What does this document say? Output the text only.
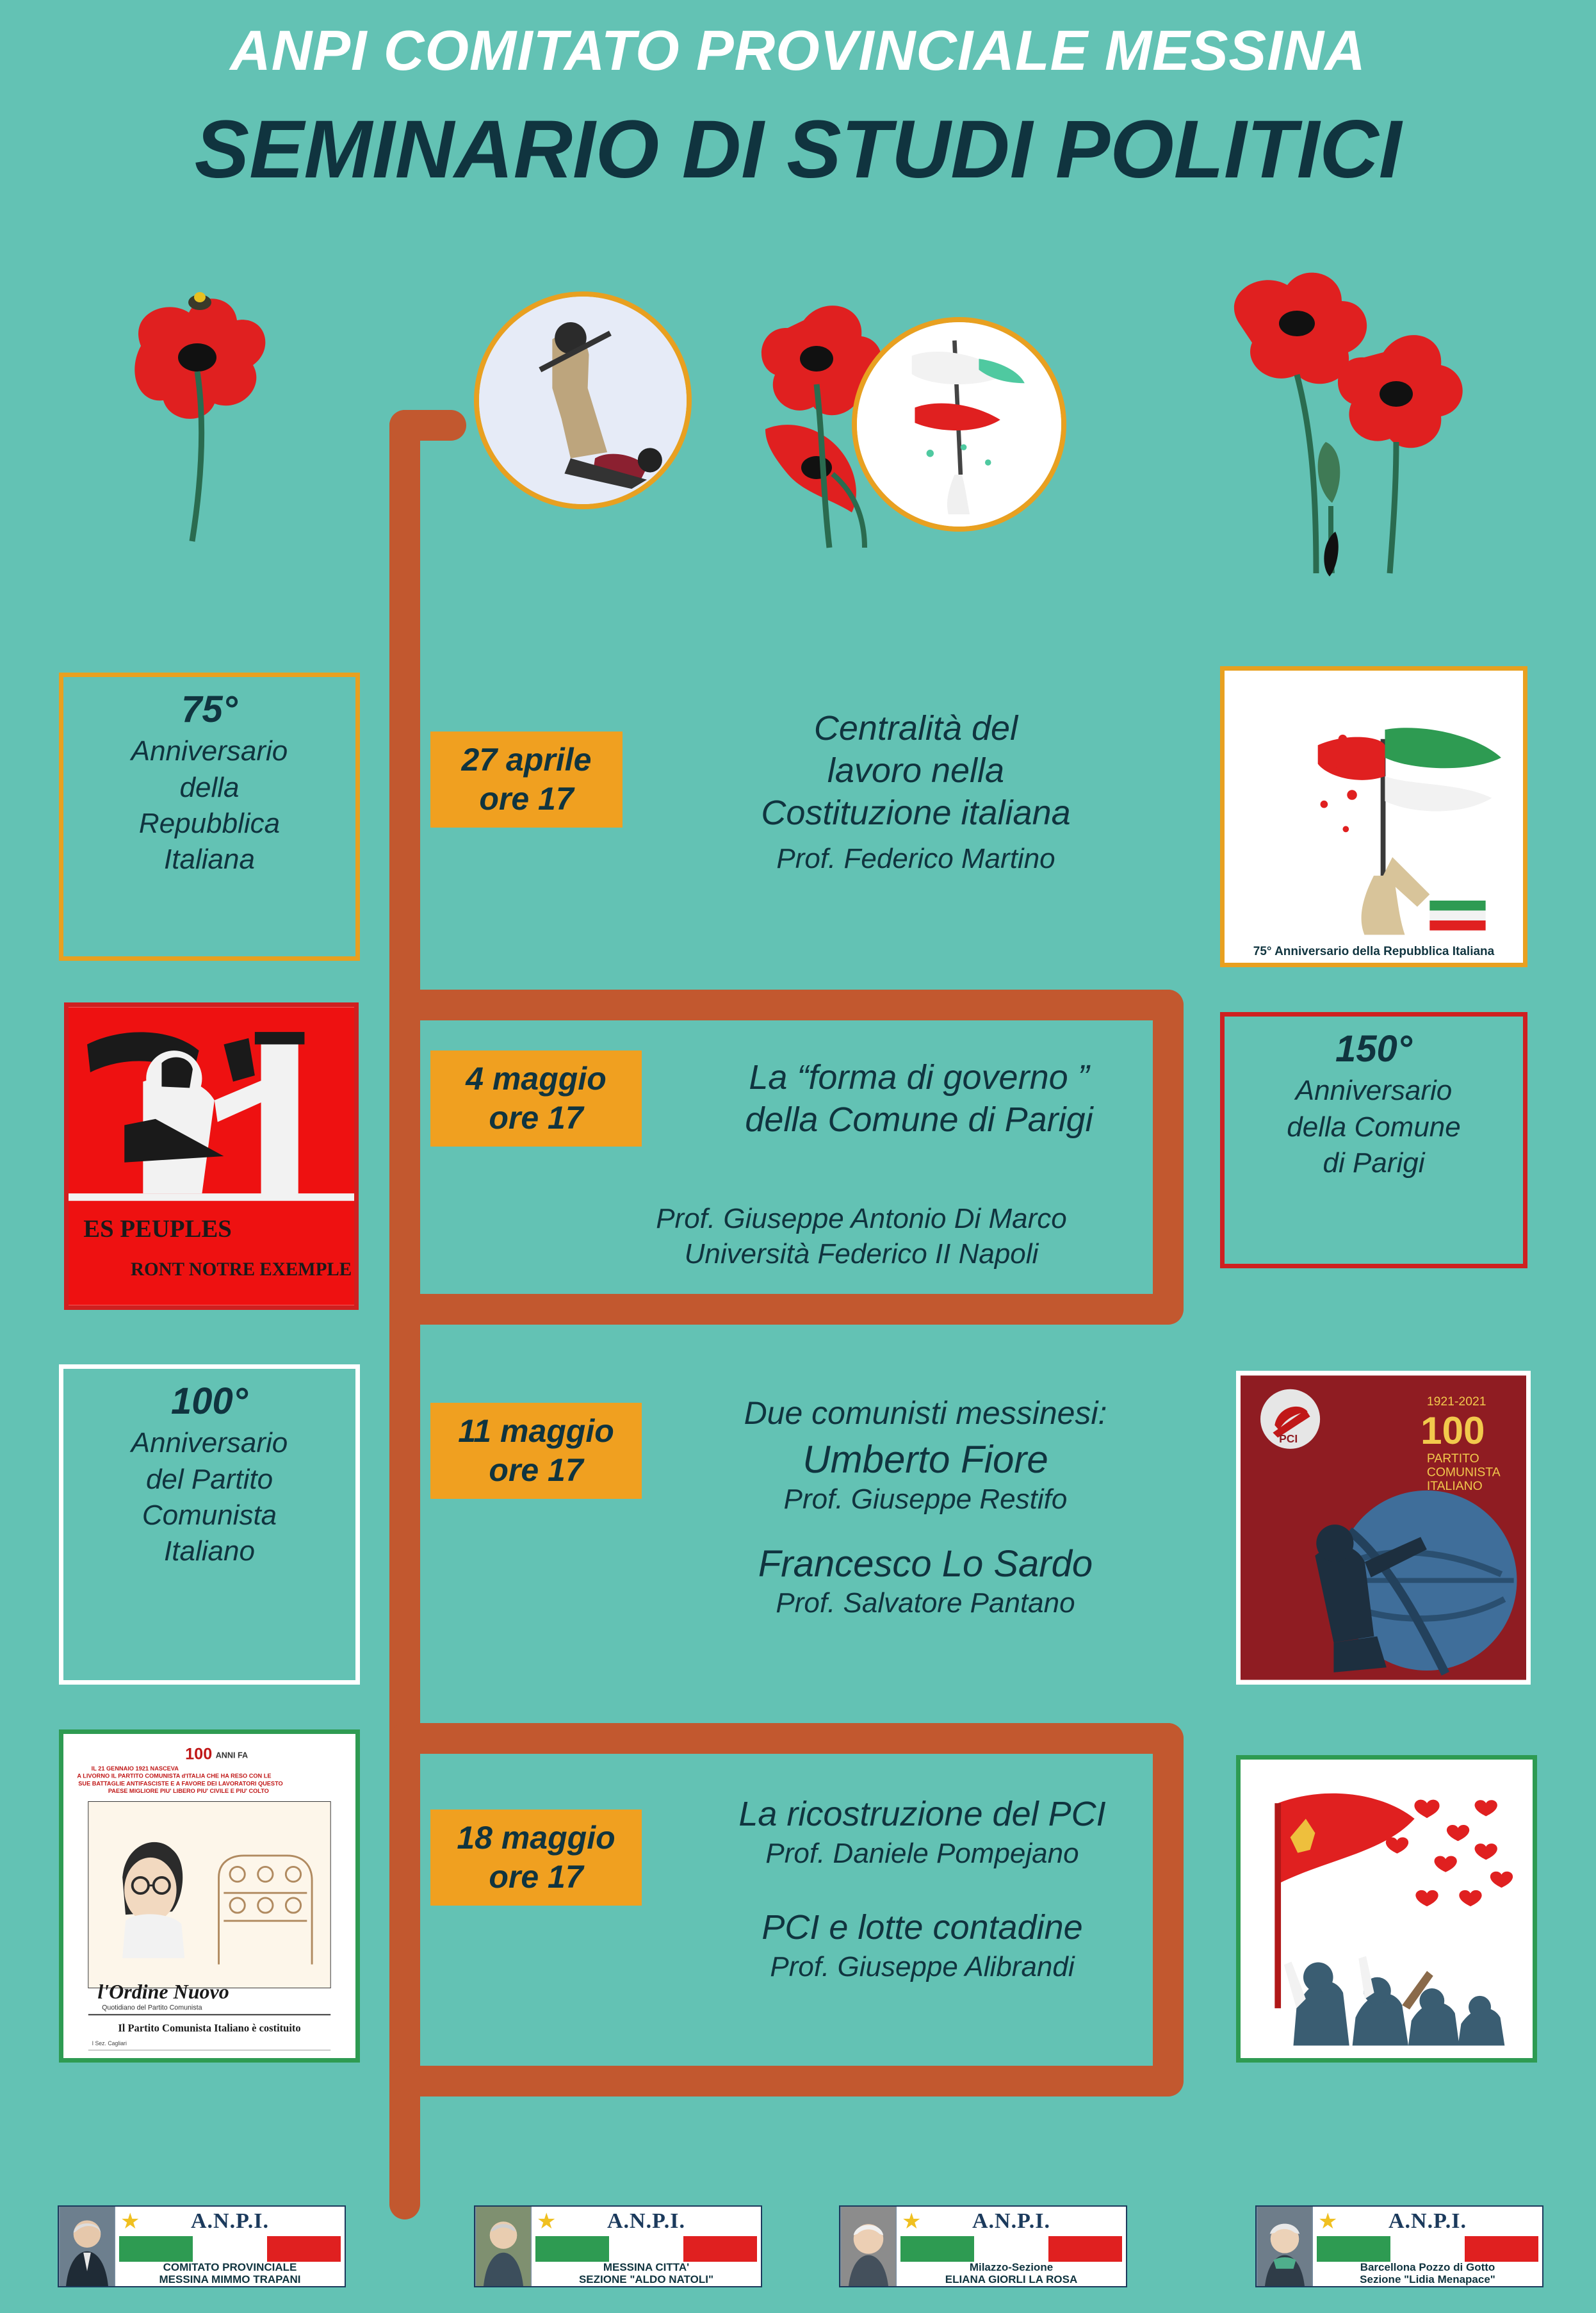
ANPI COMITATO PROVINCIALE MESSINA
SEMINARIO DI STUDI POLITICI
75°
Anniversario
della
Repubblica
Italiana
27 aprile
ore 17
Centralità del
lavoro nella
Costituzione italiana
Prof. Federico Martino
75° Anniversario della Repubblica Italiana
ES PEUPLES
RONT NOTRE EXEMPLE
4 maggio
ore 17
La “forma di governo ”
della Comune di Parigi
Prof. Giuseppe Antonio Di Marco
Università Federico II Napoli
150°
Anniversario
della Comune
di Parigi
100°
Anniversario
del Partito
Comunista
Italiano
11 maggio
ore 17
Due comunisti messinesi:
Umberto Fiore
Prof. Giuseppe Restifo
Francesco Lo Sardo
Prof. Salvatore Pantano
PCI
1921-2021
100
PARTITO
COMUNISTA
ITALIANO
100 ANNI FA
IL 21 GENNAIO 1921 NASCEVA
A LIVORNO IL PARTITO COMUNISTA d'ITALIA CHE HA RESO CON LE
SUE BATTAGLIE ANTIFASCISTE E A FAVORE DEI LAVORATORI QUESTO
PAESE MIGLIORE PIU' LIBERO PIU' CIVILE E PIU' COLTO
l'Ordine Nuovo
Quotidiano del Partito Comunista
Il Partito Comunista Italiano è costituito
I Sez. Cagliari
18 maggio
ore 17
La ricostruzione del PCI
Prof. Daniele Pompejano
PCI e lotte contadine
Prof. Giuseppe Alibrandi
★	A.N.P.I.
COMITATO PROVINCIALE
MESSINA MIMMO TRAPANI
★	A.N.P.I.
MESSINA CITTA'
SEZIONE "ALDO NATOLI"
★	A.N.P.I.
Milazzo-Sezione
ELIANA GIORLI LA ROSA
★	A.N.P.I.
Barcellona Pozzo di Gotto
Sezione "Lidia Menapace"
